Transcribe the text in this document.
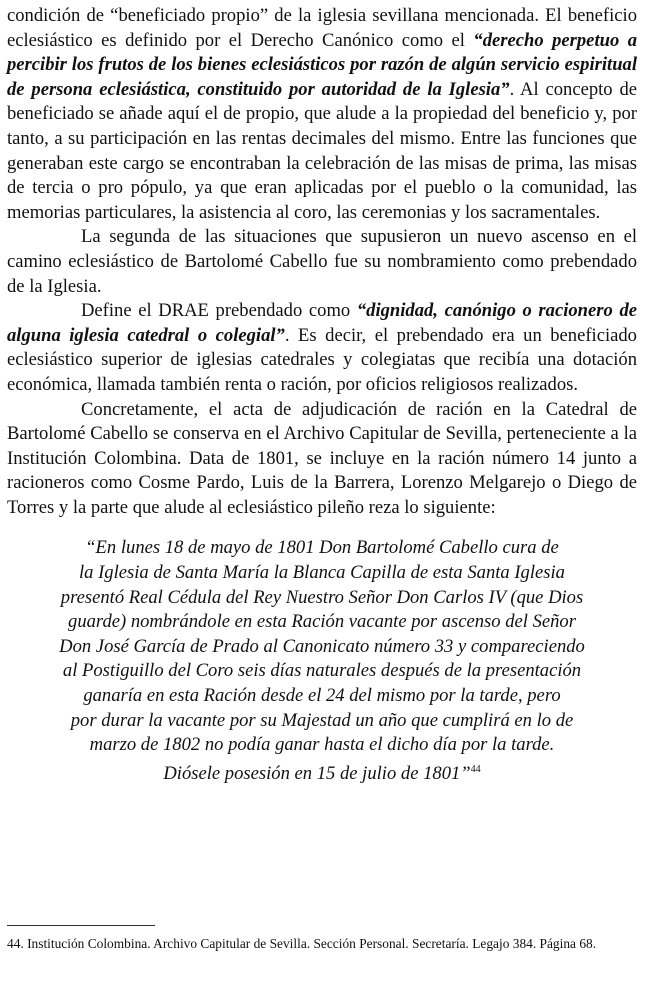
condición de “beneficiado propio” de la iglesia sevillana mencionada. El beneficio eclesiástico es definido por el Derecho Canónico como el “derecho perpetuo a percibir los frutos de los bienes eclesiásticos por razón de algún servicio espiritual de persona eclesiástica, constituido por autoridad de la Iglesia”. Al concepto de beneficiado se añade aquí el de propio, que alude a la propiedad del beneficio y, por tanto, a su participación en las rentas decimales del mismo. Entre las funciones que generaban este cargo se encontraban la celebración de las misas de prima, las misas de tercia o pro pópulo, ya que eran aplicadas por el pueblo o la comunidad, las memorias particulares, la asistencia al coro, las ceremonias y los sacramentales.

La segunda de las situaciones que supusieron un nuevo ascenso en el camino eclesiástico de Bartolomé Cabello fue su nombramiento como prebendado de la Iglesia.

Define el DRAE prebendado como “dignidad, canónigo o racionero de alguna iglesia catedral o colegial”. Es decir, el prebendado era un beneficiado eclesiástico superior de iglesias catedrales y colegiatas que recibía una dotación económica, llamada también renta o ración, por oficios religiosos realizados.

Concretamente, el acta de adjudicación de ración en la Catedral de Bartolomé Cabello se conserva en el Archivo Capitular de Sevilla, perteneciente a la Institución Colombina. Data de 1801, se incluye en la ración número 14 junto a racioneros como Cosme Pardo, Luis de la Barrera, Lorenzo Melgarejo o Diego de Torres y la parte que alude al eclesiástico pileño reza lo siguiente:

“En lunes 18 de mayo de 1801 Don Bartolomé Cabello cura de
la Iglesia de Santa María la Blanca Capilla de esta Santa Iglesia
presentó Real Cédula del Rey Nuestro Señor Don Carlos IV (que Dios
guarde) nombrándole en esta Ración vacante por ascenso del Señor
Don José García de Prado al Canonicato número 33 y compareciendo
al Postiguillo del Coro seis días naturales después de la presentación
ganaría en esta Ración desde el 24 del mismo por la tarde, pero
por durar la vacante por su Majestad un año que cumplirá en lo de
marzo de 1802 no podía ganar hasta el dicho día por la tarde.
Diósele posesión en 15 de julio de 1801”$^{44}$

44. Institución Colombina. Archivo Capitular de Sevilla. Sección Personal. Secretaría. Legajo 384. Página 68.
